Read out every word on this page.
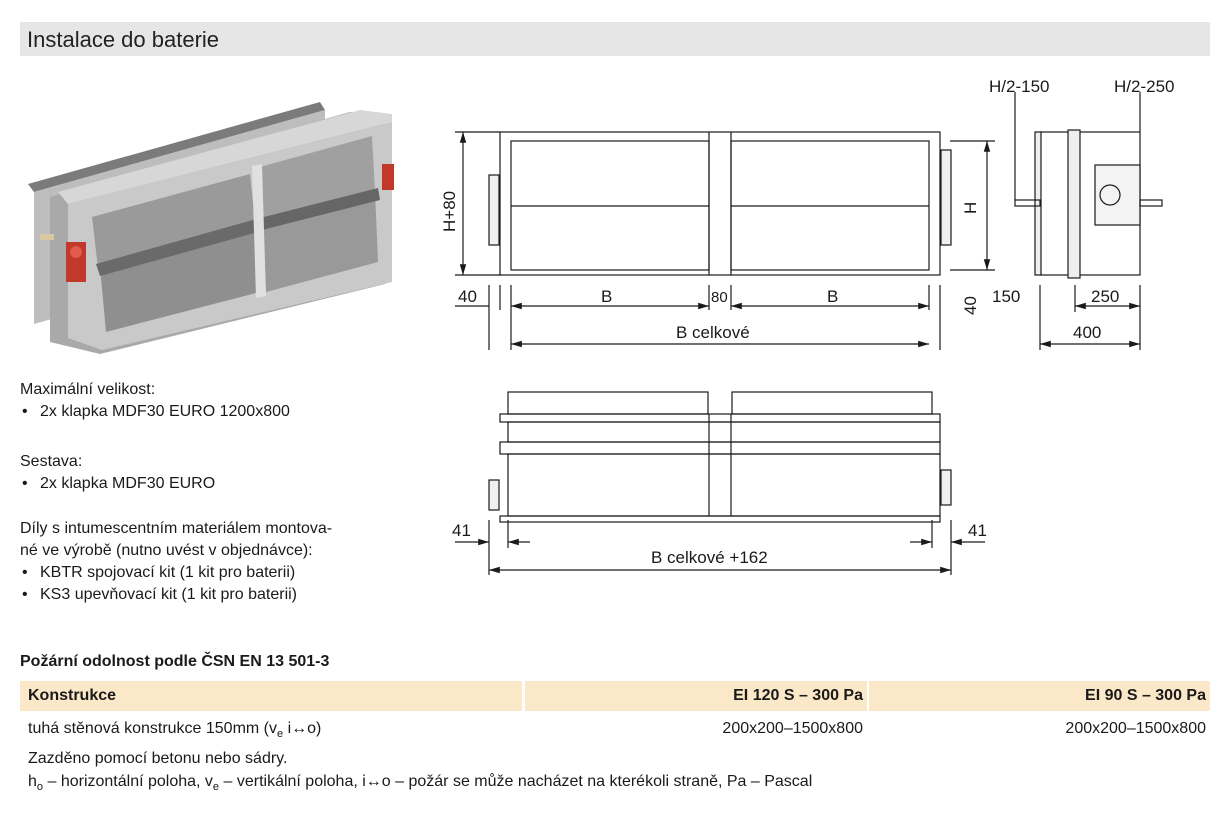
Instalace do baterie
H+80	H
H/2-150	H/2-250
40	B	80	B	40 150	250
B celkové	400
41	41
B celkové +162

Maximální velikost:

• 2x klapka MDF30 EURO 1200x800

Sestava:

• 2x klapka MDF30 EURO

Díly s intumescentním materiálem montova-

né ve výrobě (nutno uvést v objednávce):

• KBTR spojovací kit (1 kit pro baterii)

• KS3 upevňovací kit (1 kit pro baterii)

Požární odolnost podle ČSN EN 13 501-3
Konstrukce	EI 120 S – 300 Pa	EI 90 S – 300 Pa
tuhá stěnová konstrukce 150mm ($v_e$ i↔o)	200x200–1500x800	200x200–1500x800
Zazděno pomocí betonu nebo sádry.
$h_o$ – horizontální poloha, $v_e$ – vertikální poloha, i↔o – požár se může nacházet na kterékoli straně, Pa – Pascal
